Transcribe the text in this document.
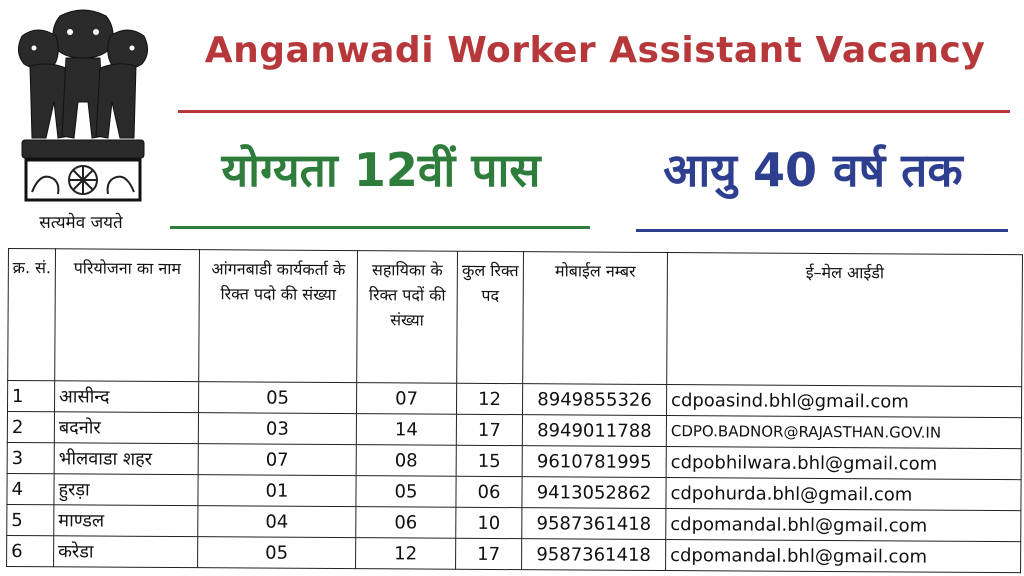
सत्यमेव जयते
Anganwadi Worker Assistant Vacancy
योग्यता 12वीं पास	आयु 40 वर्ष तक
क्र. सं.	परियोजना का नाम	आंगनबाडी कार्यकर्ता के रिक्त पदो की संख्या	सहायिका के रिक्त पदों की संख्या	कुल रिक्त पद	मोबाईल नम्बर	ई–मेल आईडी
1	आसीन्द	05	07	12	8949855326	cdpoasind.bhl@gmail.com
2	बदनोर	03	14	17	8949011788	CDPO.BADNOR@RAJASTHAN.GOV.IN
3	भीलवाडा शहर	07	08	15	9610781995	cdpobhilwara.bhl@gmail.com
4	हुरड़ा	01	05	06	9413052862	cdpohurda.bhl@gmail.com
5	माण्डल	04	06	10	9587361418	cdpomandal.bhl@gmail.com
6	करेडा	05	12	17	9587361418	cdpomandal.bhl@gmail.com
